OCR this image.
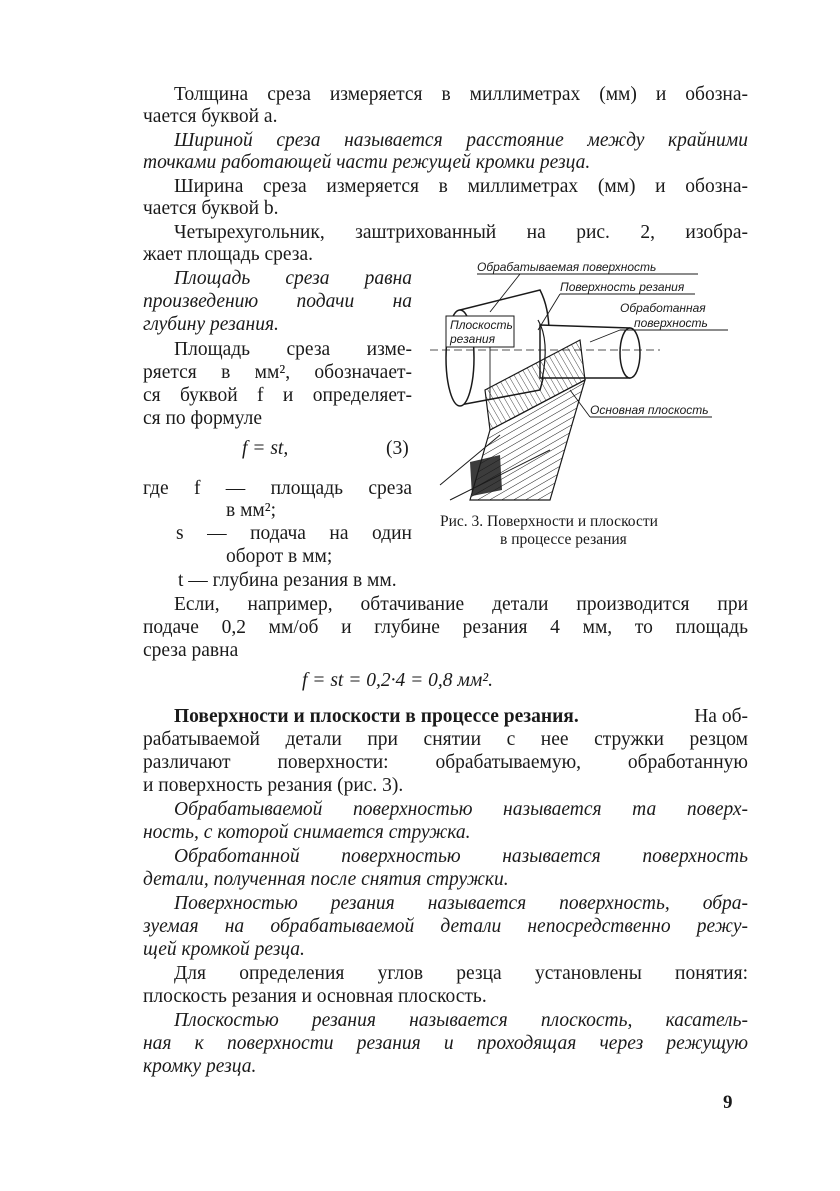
Толщина среза измеряется в миллиметрах (мм) и обозна-
чается буквой a.
Шириной среза называется расстояние между крайними
точками работающей части режущей кромки резца.
Ширина среза измеряется в миллиметрах (мм) и обозна-
чается буквой b.
Четырехугольник, заштрихованный на рис. 2, изобра-
жает площадь среза.
Площадь среза равна
произведению подачи на
глубину резания.
Площадь среза изме-
ряется в мм², обозначает-
ся буквой f и определяет-
ся по формуле
f = st,	(3)
где f — площадь среза
в мм²;
s — подача на один
оборот в мм;
t — глубина резания в мм.
Если, например, обтачивание детали производится при
подаче 0,2 мм/об и глубине резания 4 мм, то площадь
среза равна
f = st = 0,2·4 = 0,8 мм².
Поверхности и плоскости в процессе резания.	На об-
рабатываемой детали при снятии с нее стружки резцом
различают поверхности: обрабатываемую, обработанную
и поверхность резания (рис. 3).
Обрабатываемой поверхностью называется та поверх-
ность, с которой снимается стружка.
Обработанной поверхностью называется поверхность
детали, полученная после снятия стружки.
Поверхностью резания называется поверхность, обра-
зуемая на обрабатываемой детали непосредственно режу-
щей кромкой резца.
Для определения углов резца установлены понятия:
плоскость резания и основная плоскость.
Плоскостью резания называется плоскость, касатель-
ная к поверхности резания и проходящая через режущую
кромку резца.
Обрабатываемая поверхность
Поверхность резания
Обработанная
поверхность
Плоскость
резания
Основная плоскость
Рис. 3. Поверхности и плоскости
в процессе резания
9
